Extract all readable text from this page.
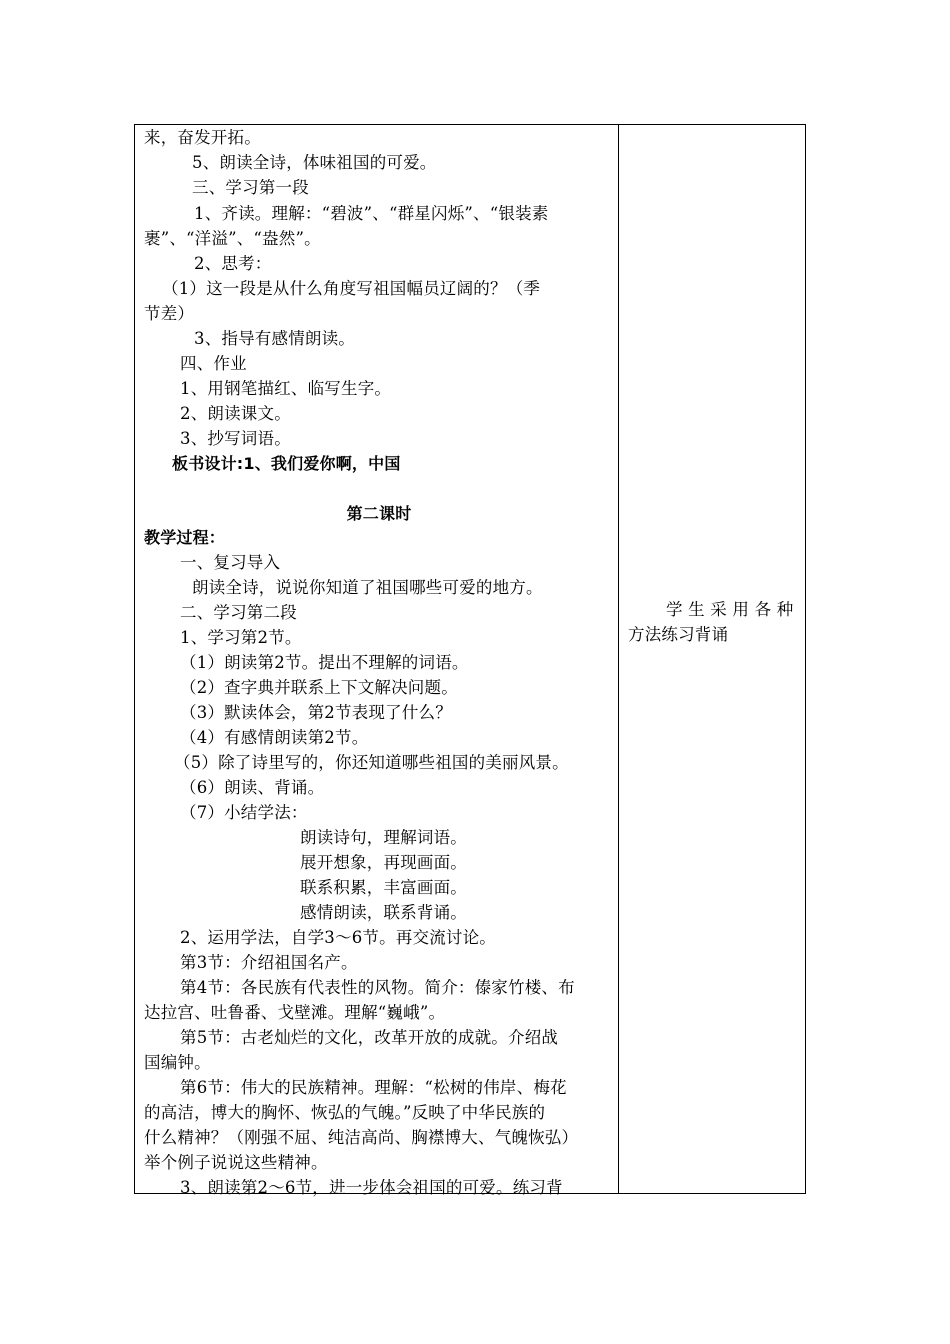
来，奋发开拓。
5、朗读全诗，体味祖国的可爱。
三、学习第一段
1、齐读。理解：“碧波”、“群星闪烁”、“银装素
裹”、“洋溢”、“盎然”。
2、思考：
（1）这一段是从什么角度写祖国幅员辽阔的？（季
节差）
3、指导有感情朗读。
四、作业
1、用钢笔描红、临写生字。
2、朗读课文。
3、抄写词语。
板书设计:1、我们爱你啊，中国
第二课时
教学过程：
一、复习导入
朗读全诗，说说你知道了祖国哪些可爱的地方。
二、学习第二段
1、学习第2节。
（1）朗读第2节。提出不理解的词语。
（2）查字典并联系上下文解决问题。
（3）默读体会，第2节表现了什么？
（4）有感情朗读第2节。
（5）除了诗里写的，你还知道哪些祖国的美丽风景。
（6）朗读、背诵。
（7）小结学法：
朗读诗句，理解词语。
展开想象，再现画面。
联系积累，丰富画面。
感情朗读，联系背诵。
2、运用学法，自学3～6节。再交流讨论。
第3节：介绍祖国名产。
第4节：各民族有代表性的风物。简介：傣家竹楼、布
达拉宫、吐鲁番、戈壁滩。理解“巍峨”。
第5节：古老灿烂的文化，改革开放的成就。介绍战
国编钟。
第6节：伟大的民族精神。理解：“松树的伟岸、梅花
的高洁，博大的胸怀、恢弘的气魄。”反映了中华民族的
什么精神？（刚强不屈、纯洁高尚、胸襟博大、气魄恢弘）
举个例子说说这些精神。
3、朗读第2～6节，进一步体会祖国的可爱。练习背
学 生 采 用 各 种
方法练习背诵
